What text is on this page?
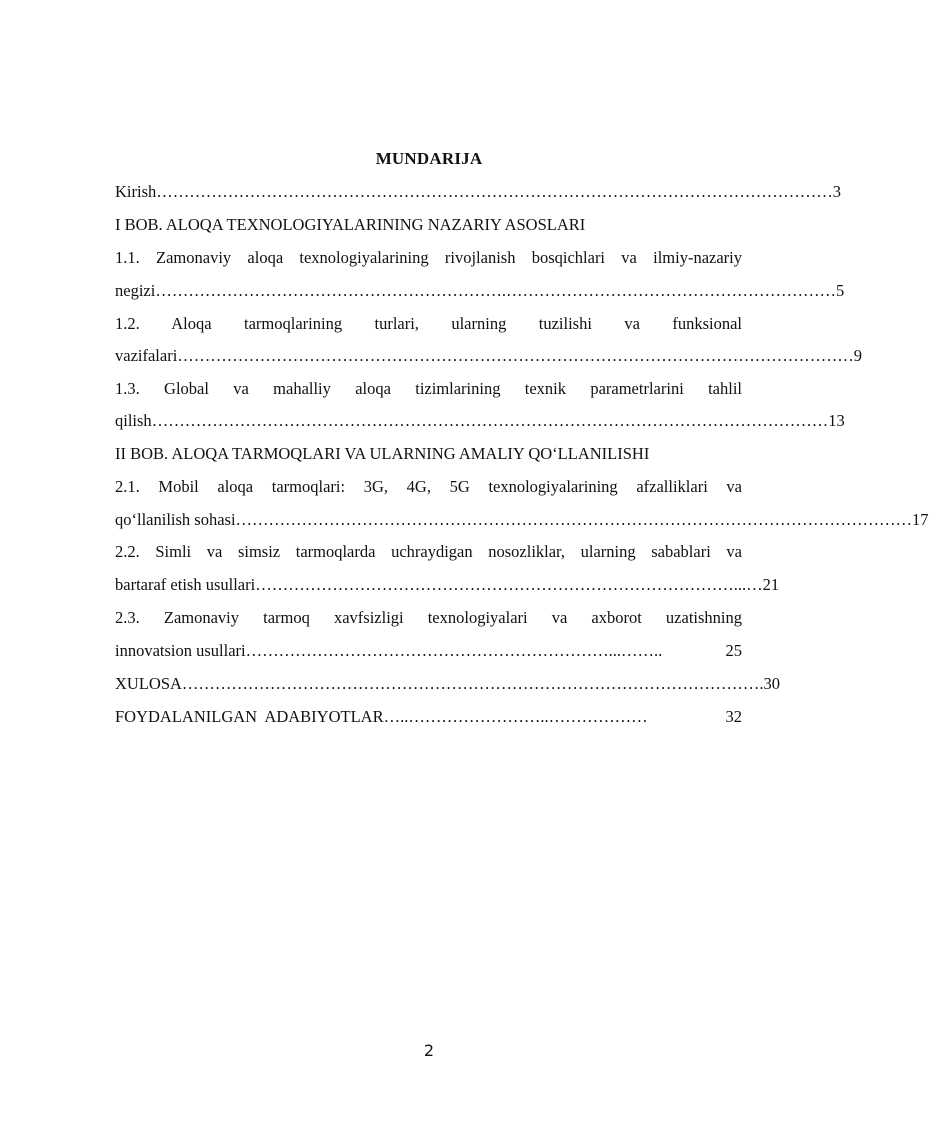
MUNDARIJA
Kirish …………………………………………………………………………………………………………… 3
I BOB. ALOQA TEXNOLOGIYALARINING NAZARIY ASOSLARI
1.1. Zamonaviy aloqa texnologiyalarining rivojlanish bosqichlari va ilmiy-nazariy
negizi ……………………………………………………….…………………………………………………… 5
1.2. Aloqa tarmoqlarining turlari, ularning tuzilishi va funksional
vazifalari …………………………………………………………………………………………………………… 9
1.3. Global va mahalliy aloqa tizimlarining texnik parametrlarini tahlil
qilish …………………………………………………………………………………………………………… 13
II BOB. ALOQA TARMOQLARI VA ULARNING AMALIY QO‘LLANILISHI
2.1. Mobil aloqa tarmoqlari: 3G, 4G, 5G texnologiyalarining afzalliklari va
qo‘llanilish sohasi …………………………………………………………………………………………………………… 17
2.2. Simli va simsiz tarmoqlarda uchraydigan nosozliklar, ularning sabablari va
bartaraf etish usullari ……………………………………………………………………………...… 21
2.3. Zamonaviy tarmoq xavfsizligi texnologiyalari va axborot uzatishning
innovatsion usullari …………………………………………………………...……..	25
XULOSA ……………………………………………………………………………………………. 30
FOYDALANILGAN  ADABIYOTLAR …..……………………..………………	32
2
